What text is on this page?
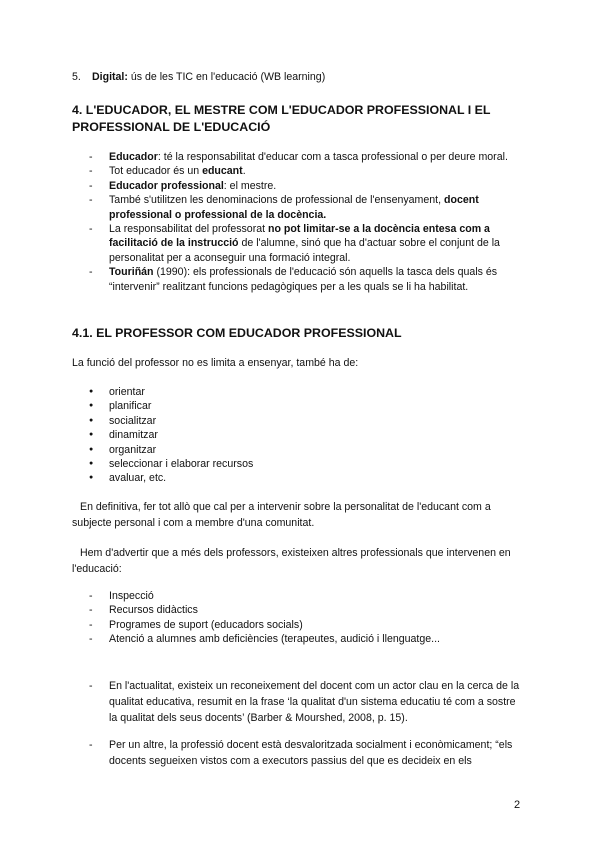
5. Digital: ús de les TIC en l'educació (WB learning)
4. L'EDUCADOR, EL MESTRE COM L'EDUCADOR PROFESSIONAL I EL
PROFESSIONAL DE L'EDUCACIÓ
- Educador: té la responsabilitat d'educar com a tasca professional o per deure moral.
- Tot educador és un educant.
- Educador professional: el mestre.
- També s'utilitzen les denominacions de professional de l'ensenyament, docent professional o professional de la docència.
- La responsabilitat del professorat no pot limitar-se a la docència entesa com a facilitació de la instrucció de l'alumne, sinó que ha d'actuar sobre el conjunt de la personalitat per a aconseguir una formació integral.
- Touriñán (1990): els professionals de l'educació són aquells la tasca dels quals és “intervenir” realitzant funcions pedagògiques per a les quals se li ha habilitat.
4.1. EL PROFESSOR COM EDUCADOR PROFESSIONAL

La funció del professor no es limita a ensenyar, també ha de:

● orientar
● planificar
● socialitzar
● dinamitzar
● organitzar
● seleccionar i elaborar recursos
● avaluar, etc.

En definitiva, fer tot allò que cal per a intervenir sobre la personalitat de l'educant com a subjecte personal i com a membre d'una comunitat.

Hem d'advertir que a més dels professors, existeixen altres professionals que intervenen en l'educació:

- Inspecció
- Recursos didàctics
- Programes de suport (educadors socials)
- Atenció a alumnes amb deficiències (terapeutes, audició i llenguatge...
- En l'actualitat, existeix un reconeixement del docent com un actor clau en la cerca de la qualitat educativa, resumit en la frase ‘la qualitat d'un sistema educatiu té com a sostre la qualitat dels seus docents’ (Barber & Mourshed, 2008, p. 15).
- Per un altre, la professió docent està desvaloritzada socialment i econòmicament; “els docents segueixen vistos com a executors passius del que es decideix en els
2
